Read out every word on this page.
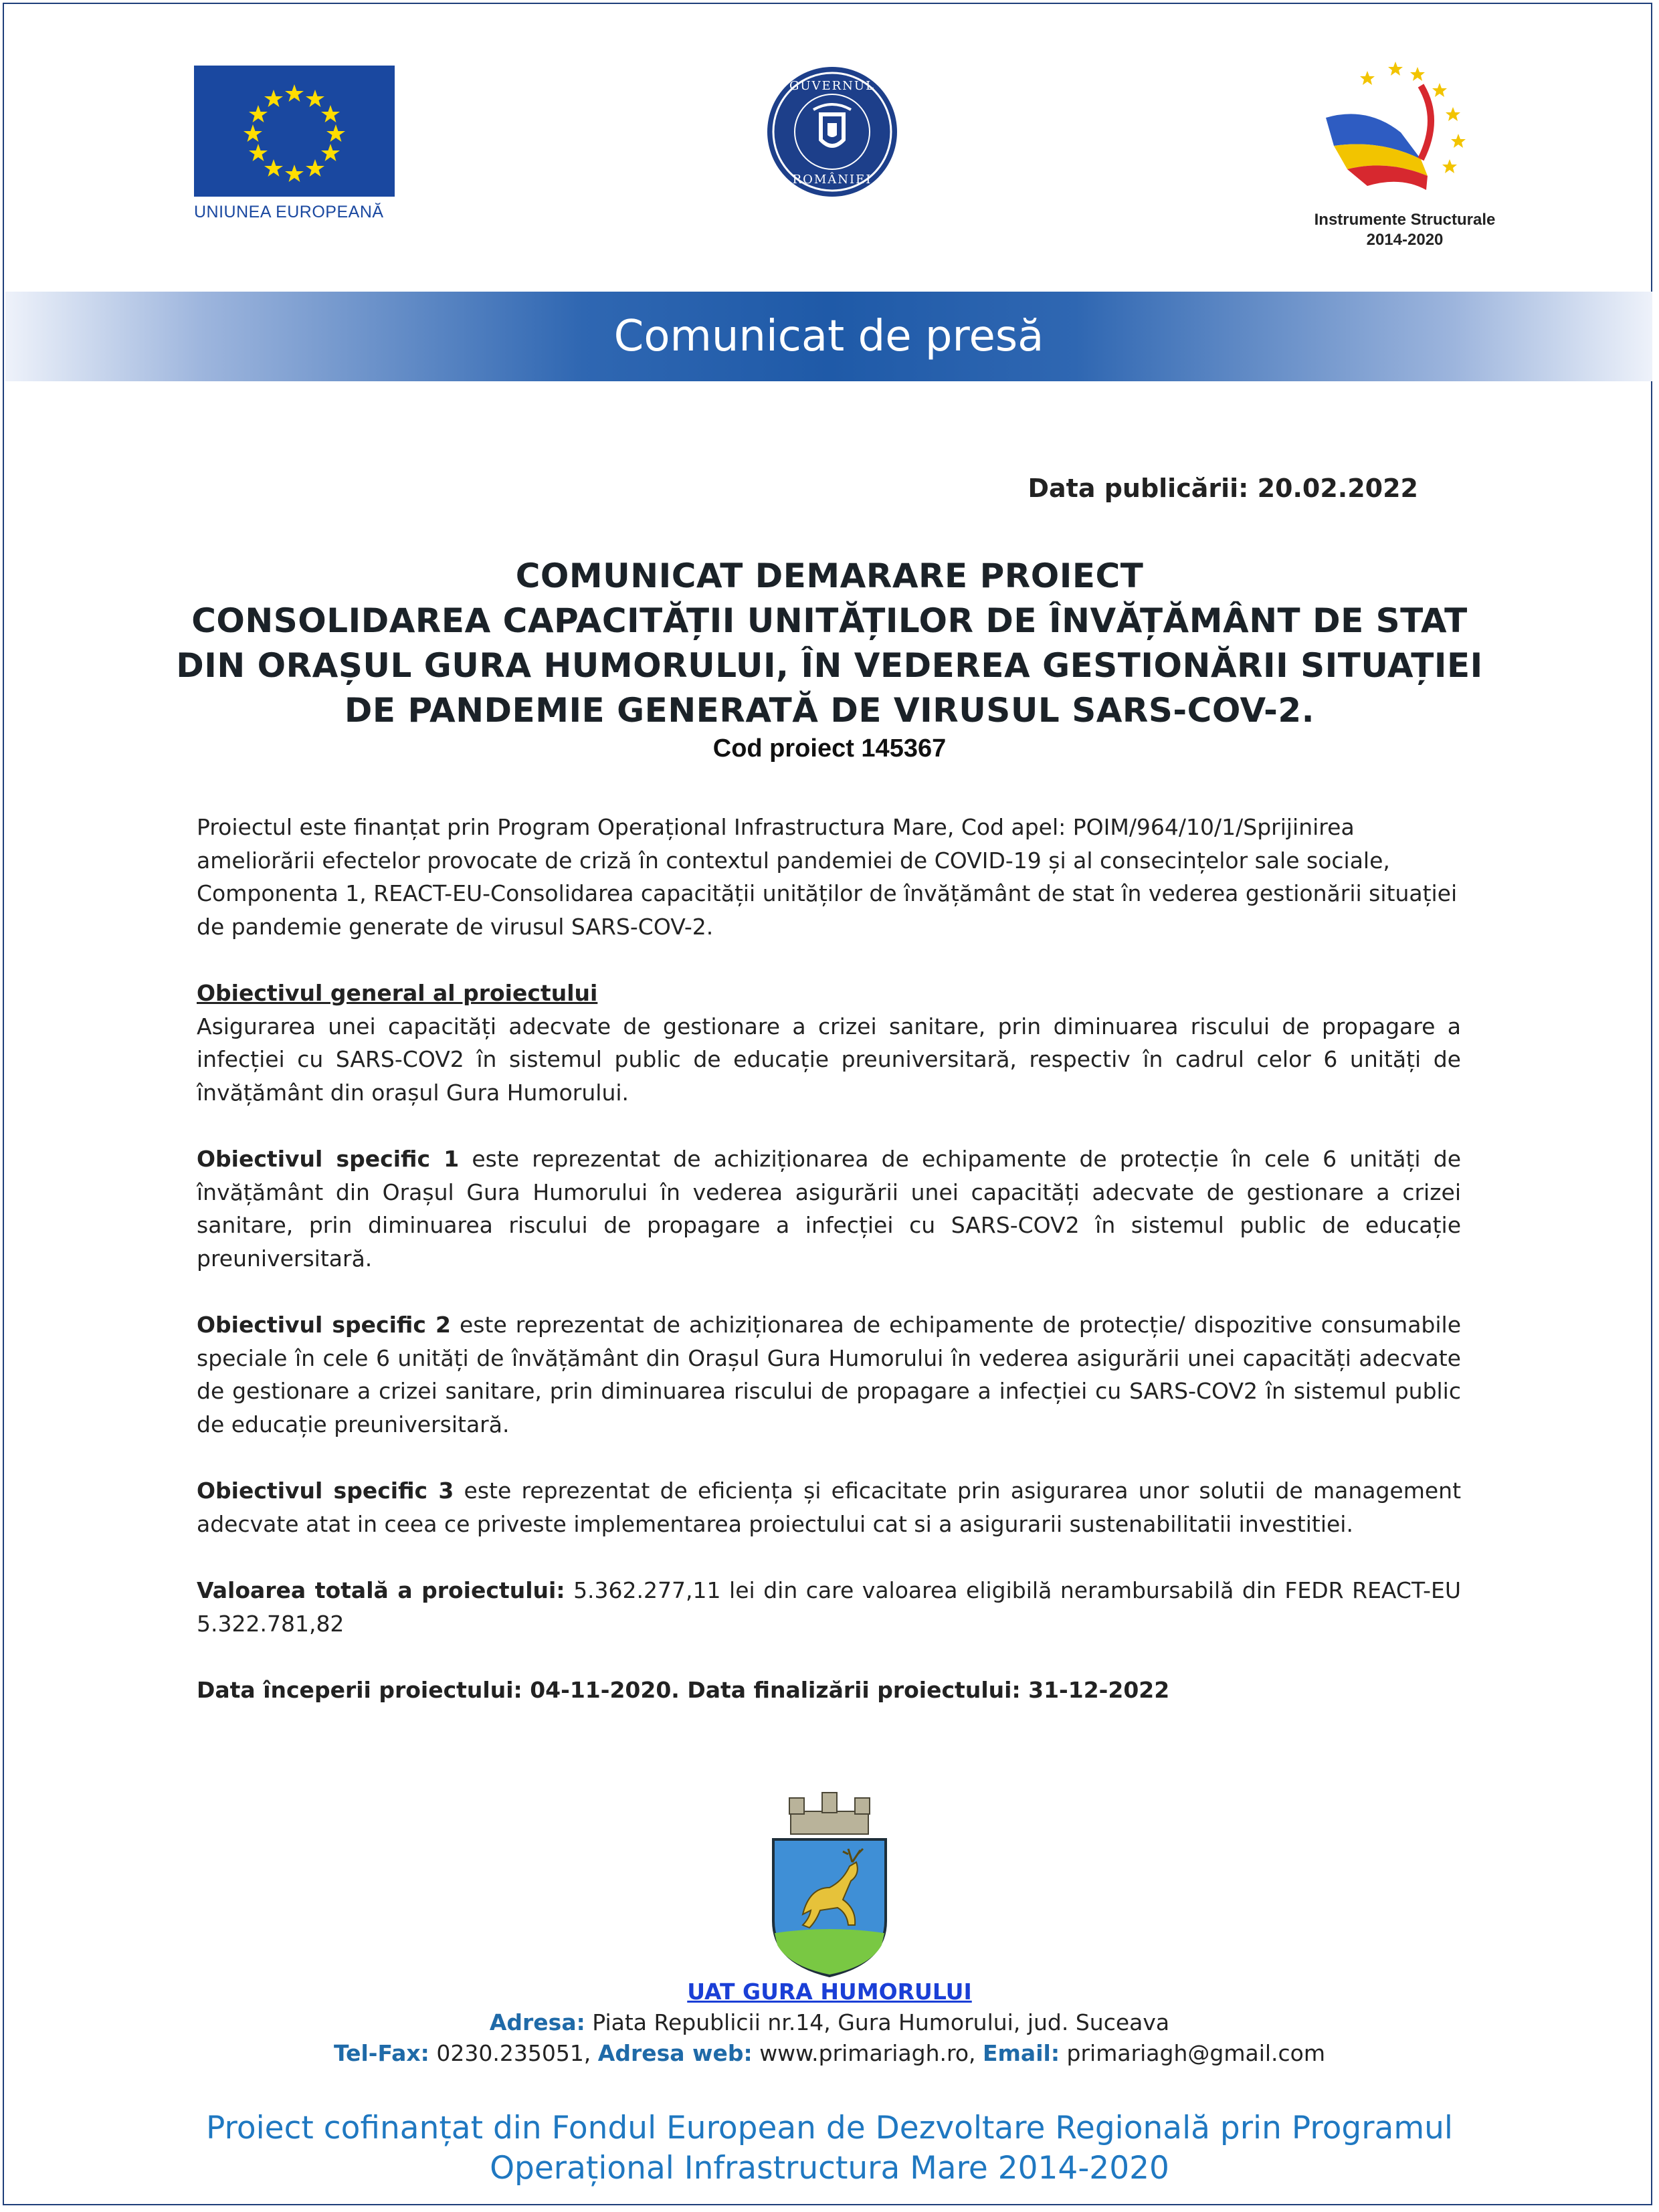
UNIUNEA EUROPEANĂ
GUVERNUL
ROMÂNIEI
Instrumente Structurale
2014-2020
Comunicat de presă
Data publicării: 20.02.2022
COMUNICAT DEMARARE PROIECT
CONSOLIDAREA CAPACITĂȚII UNITĂȚILOR DE ÎNVĂȚĂMÂNT DE STAT
DIN ORAȘUL GURA HUMORULUI, ÎN VEDEREA GESTIONĂRII SITUAȚIEI
DE PANDEMIE GENERATĂ DE VIRUSUL SARS-COV-2.
Cod proiect 145367

Proiectul este finanțat prin Program Operațional Infrastructura Mare, Cod apel: POIM/964/10/1/Sprijinirea ameliorării efectelor provocate de criză în contextul pandemiei de COVID-19 și al consecințelor sale sociale, Componenta 1, REACT-EU-Consolidarea capacității unităților de învățământ de stat în vederea gestionării situației de pandemie generate de virusul SARS-COV-2.

Obiectivul general al proiectului

Asigurarea unei capacități adecvate de gestionare a crizei sanitare, prin diminuarea riscului de propagare a infecției cu SARS-COV2 în sistemul public de educație preuniversitară, respectiv în cadrul celor 6 unități de învățământ din orașul Gura Humorului.

Obiectivul specific 1 este reprezentat de achiziționarea de echipamente de protecție în cele 6 unități de învățământ din Orașul Gura Humorului în vederea asigurării unei capacități adecvate de gestionare a crizei sanitare, prin diminuarea riscului de propagare a infecției cu SARS-COV2 în sistemul public de educație preuniversitară.

Obiectivul specific 2 este reprezentat de achiziționarea de echipamente de protecție/ dispozitive consumabile speciale în cele 6 unități de învățământ din Orașul Gura Humorului în vederea asigurării unei capacități adecvate de gestionare a crizei sanitare, prin diminuarea riscului de propagare a infecției cu SARS-COV2 în sistemul public de educație preuniversitară.

Obiectivul specific 3 este reprezentat de eficiența și eficacitate prin asigurarea unor solutii de management adecvate atat in ceea ce priveste implementarea proiectului cat si a asigurarii sustenabilitatii investitiei.

Valoarea totală a proiectului: 5.362.277,11 lei din care valoarea eligibilă nerambursabilă din FEDR REACT-EU 5.322.781,82

Data începerii proiectului: 04-11-2020. Data finalizării proiectului: 31-12-2022

UAT GURA HUMORULUI
Adresa: Piata Republicii nr.14, Gura Humorului, jud. Suceava
Tel-Fax: 0230.235051, Adresa web: www.primariagh.ro, Email: primariagh@gmail.com
Proiect cofinanțat din Fondul European de Dezvoltare Regională prin Programul
Operațional Infrastructura Mare 2014-2020
